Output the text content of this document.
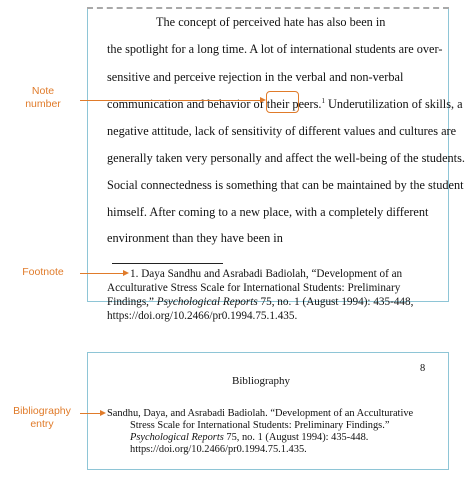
The concept of perceived hate has also been in
the spotlight for a long time. A lot of international students are over-
sensitive and perceive rejection in the verbal and non-verbal
communication and behavior of their peers.$^1$ Underutilization of skills, a
negative attitude, lack of sensitivity of different values and cultures are
generally taken very personally and affect the well-being of the students.
Social connectedness is something that can be maintained by the student
himself. After coming to a new place, with a completely different
environment than they have been in
1. Daya Sandhu and Asrabadi Badiolah, “Development of an
Acculturative Stress Scale for International Students: Preliminary
Findings,” Psychological Reports 75, no. 1 (August 1994): 435-448,
https://doi.org/10.2466/pr0.1994.75.1.435.
8
Bibliography
Sandhu, Daya, and Asrabadi Badiolah. “Development of an Acculturative
Stress Scale for International Students: Preliminary Findings.”
Psychological Reports 75, no. 1 (August 1994): 435-448.
https://doi.org/10.2466/pr0.1994.75.1.435.
Note
number
Footnote
Bibliography
entry
